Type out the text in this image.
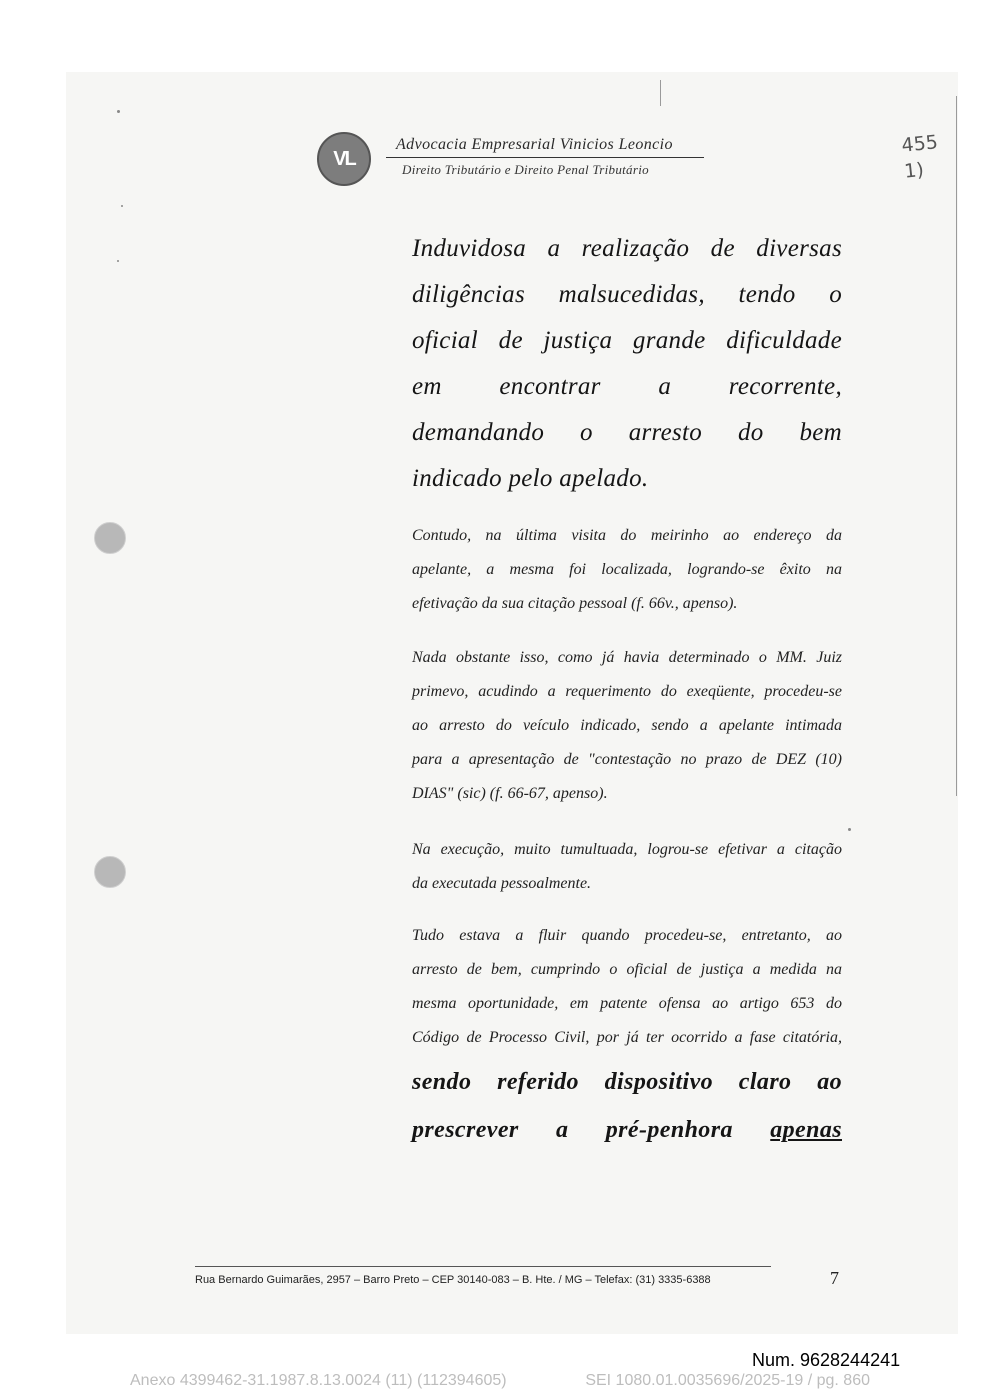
VL
Advocacia Empresarial Vinicios Leoncio
Direito Tributário e Direito Penal Tributário
455
1)
Induvidosa a realização de diversas
diligências malsucedidas, tendo o
oficial de justiça grande dificuldade
em encontrar a recorrente,
demandando o arresto do bem
indicado pelo apelado.
Contudo, na última visita do meirinho ao endereço da
apelante, a mesma foi localizada, logrando-se êxito na
efetivação da sua citação pessoal (f. 66v., apenso).
Nada obstante isso, como já havia determinado o MM. Juiz
primevo, acudindo a requerimento do exeqüente, procedeu-se
ao arresto do veículo indicado, sendo a apelante intimada
para a apresentação de "contestação no prazo de DEZ (10)
DIAS" (sic) (f. 66-67, apenso).
Na execução, muito tumultuada, logrou-se efetivar a citação
da executada pessoalmente.
Tudo estava a fluir quando procedeu-se, entretanto, ao
arresto de bem, cumprindo o oficial de justiça a medida na
mesma oportunidade, em patente ofensa ao artigo 653 do
Código de Processo Civil, por já ter ocorrido a fase citatória,
sendo referido dispositivo claro ao
prescrever a pré-penhora apenas
Rua Bernardo Guimarães, 2957 – Barro Preto – CEP 30140-083 – B. Hte. / MG – Telefax: (31) 3335-6388	7
Num. 9628244241
Anexo 4399462-31.1987.8.13.0024 (11) (112394605)	SEI 1080.01.0035696/2025-19 / pg. 860
